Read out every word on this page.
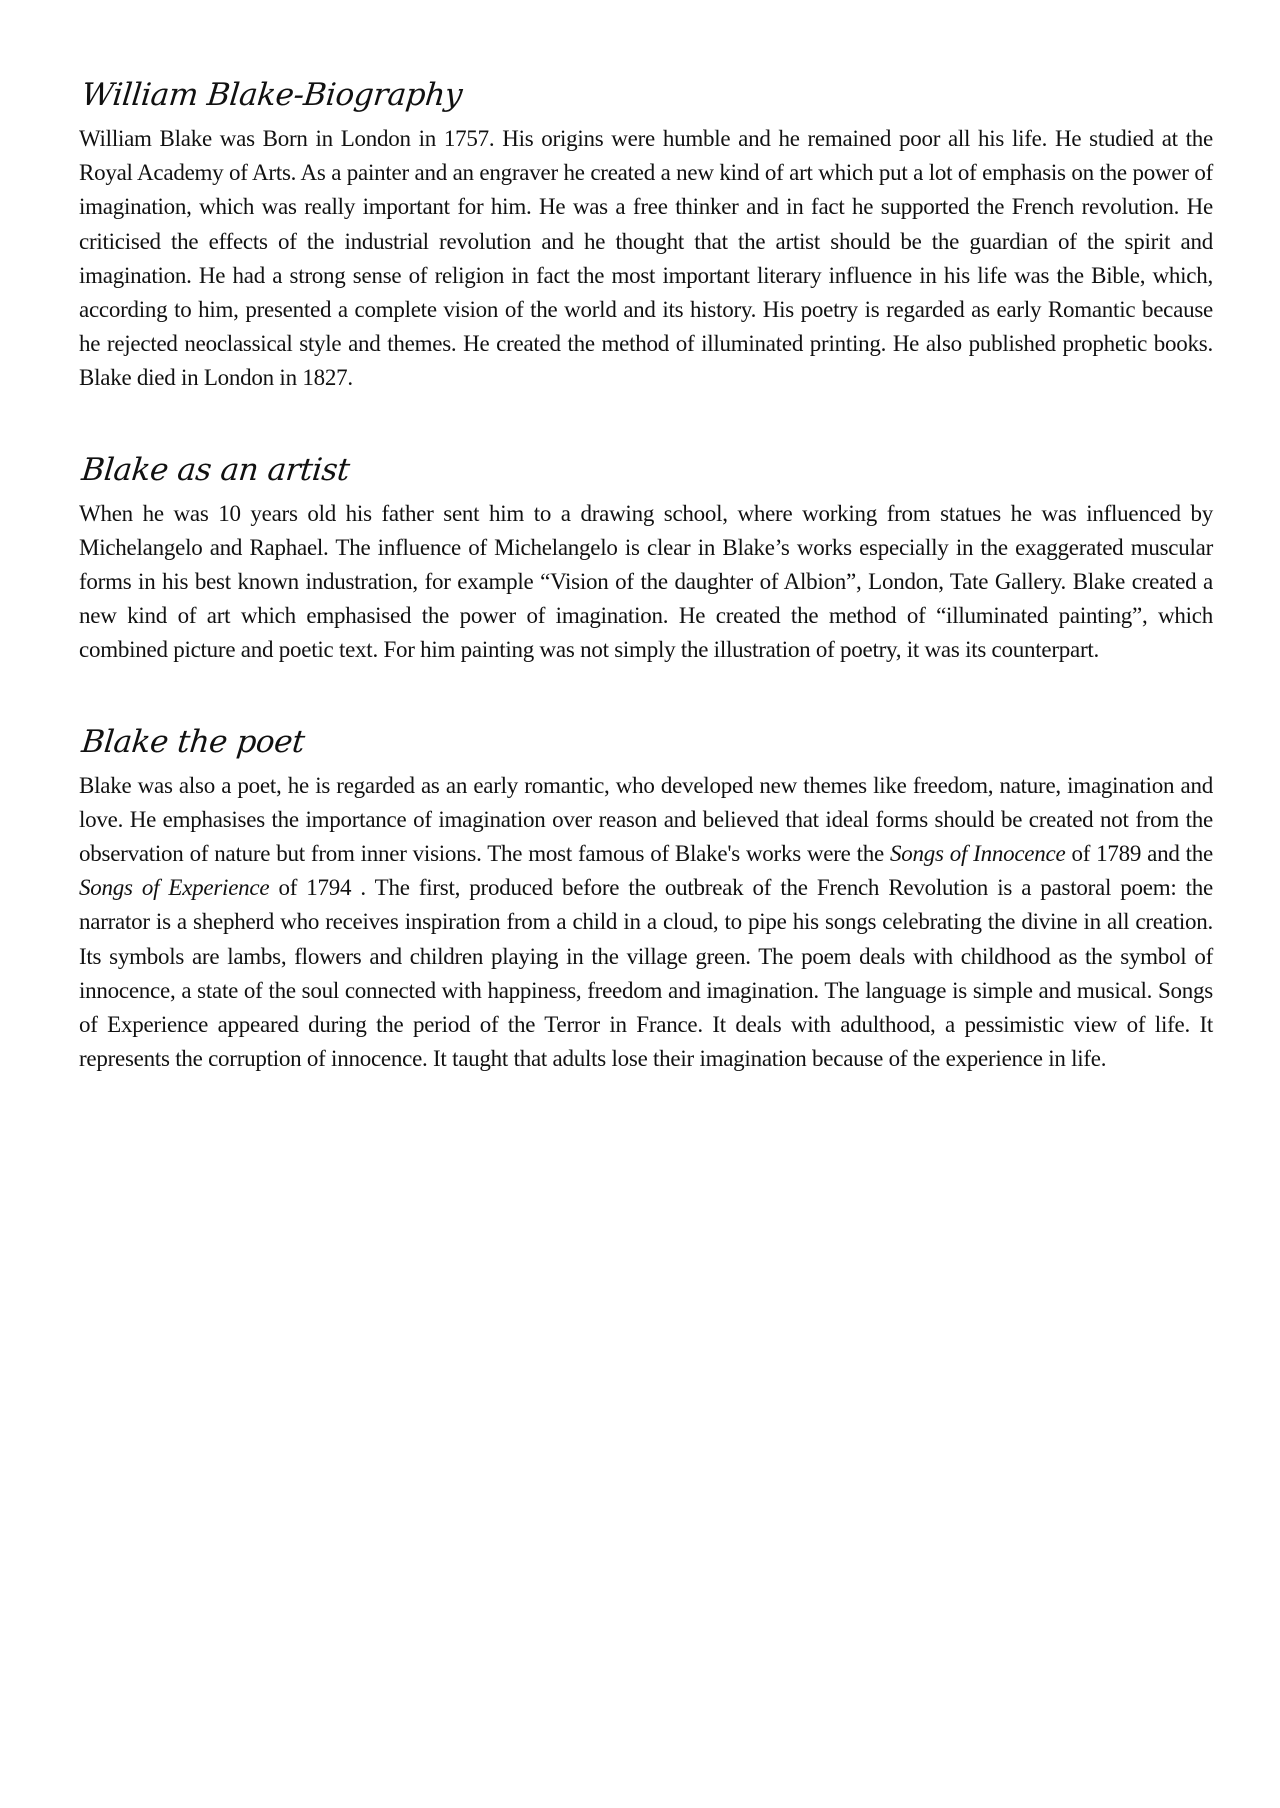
William Blake-Biography

William Blake was Born in London in 1757. His origins were humble and he remained poor all his life. He studied at the Royal Academy of Arts. As a painter and an engraver he created a new kind of art which put a lot of emphasis on the power of imagination, which was really important for him. He was a free thinker and in fact he supported the French revolution. He criticised the effects of the industrial revolution and he thought that the artist should be the guardian of the spirit and imagination. He had a strong sense of religion in fact the most important literary influence in his life was the Bible, which, according to him, presented a complete vision of the world and its history. His poetry is regarded as early Romantic because he rejected neoclassical style and themes. He created the method of illuminated printing. He also published prophetic books. Blake died in London in 1827.

Blake as an artist

When he was 10 years old his father sent him to a drawing school, where working from statues he was influenced by Michelangelo and Raphael. The influence of Michelangelo is clear in Blake’s works especially in the exaggerated muscular forms in his best known industration, for example “Vision of the daughter of Albion”, London, Tate Gallery. Blake created a new kind of art which emphasised the power of imagination. He created the method of “illuminated painting”, which combined picture and poetic text. For him painting was not simply the illustration of poetry, it was its counterpart.

Blake the poet

Blake was also a poet, he is regarded as an early romantic, who developed new themes like freedom, nature, imagination and love. He emphasises the importance of imagination over reason and believed that ideal forms should be created not from the observation of nature but from inner visions. The most famous of Blake's works were the Songs of Innocence of 1789 and the Songs of Experience of 1794 . The first, produced before the outbreak of the French Revolution is a pastoral poem: the narrator is a shepherd who receives inspiration from a child in a cloud, to pipe his songs celebrating the divine in all creation. Its symbols are lambs, flowers and children playing in the village green. The poem deals with childhood as the symbol of innocence, a state of the soul connected with happiness, freedom and imagination. The language is simple and musical. Songs of Experience appeared during the period of the Terror in France. It deals with adulthood, a pessimistic view of life. It represents the corruption of innocence. It taught that adults lose their imagination because of the experience in life.
